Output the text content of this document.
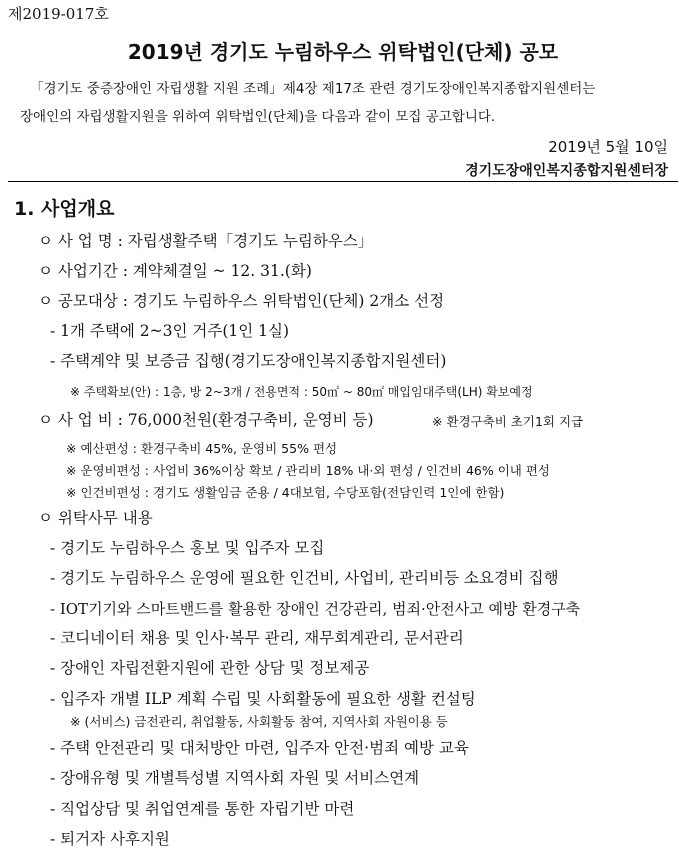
제2019-017호
2019년 경기도 누림하우스 위탁법인(단체) 공모
「경기도 중증장애인 자립생활 지원 조례」제4장 제17조 관련 경기도장애인복지종합지원센터는
장애인의 자립생활지원을 위하여 위탁법인(단체)을 다음과 같이 모집 공고합니다.
2019년 5월 10일
경기도장애인복지종합지원센터장
1. 사업개요
ㅇ 사 업 명 : 자립생활주택「경기도 누림하우스」
ㅇ 사업기간 : 계약체결일 ~ 12. 31.(화)
ㅇ 공모대상 : 경기도 누림하우스 위탁법인(단체) 2개소 선정
- 1개 주택에 2~3인 거주(1인 1실)
- 주택계약 및 보증금 집행(경기도장애인복지종합지원센터)
※ 주택확보(안) : 1층, 방 2~3개 / 전용면적 : 50㎡ ~ 80㎡ 매입임대주택(LH) 확보예정
ㅇ 사 업 비 : 76,000천원(환경구축비, 운영비 등)	※ 환경구축비 초기1회 지급
※ 예산편성 : 환경구축비 45%, 운영비 55% 편성
※ 운영비편성 : 사업비 36%이상 확보 / 관리비 18% 내·외 편성 / 인건비 46% 이내 편성
※ 인건비편성 : 경기도 생활임금 준용 / 4대보험, 수당포함(전담인력 1인에 한함)
ㅇ 위탁사무 내용
- 경기도 누림하우스 홍보 및 입주자 모집
- 경기도 누림하우스 운영에 필요한 인건비, 사업비, 관리비등 소요경비 집행
- IOT기기와 스마트밴드를 활용한 장애인 건강관리, 범죄·안전사고 예방 환경구축
- 코디네이터 채용 및 인사·복무 관리, 재무회계관리, 문서관리
- 장애인 자립전환지원에 관한 상담 및 정보제공
- 입주자 개별 ILP 계획 수립 및 사회활동에 필요한 생활 컨설팅
※ (서비스) 금전관리, 취업활동, 사회활동 참여, 지역사회 자원이용 등
- 주택 안전관리 및 대처방안 마련, 입주자 안전·범죄 예방 교육
- 장애유형 및 개별특성별 지역사회 자원 및 서비스연계
- 직업상담 및 취업연계를 통한 자립기반 마련
- 퇴거자 사후지원
